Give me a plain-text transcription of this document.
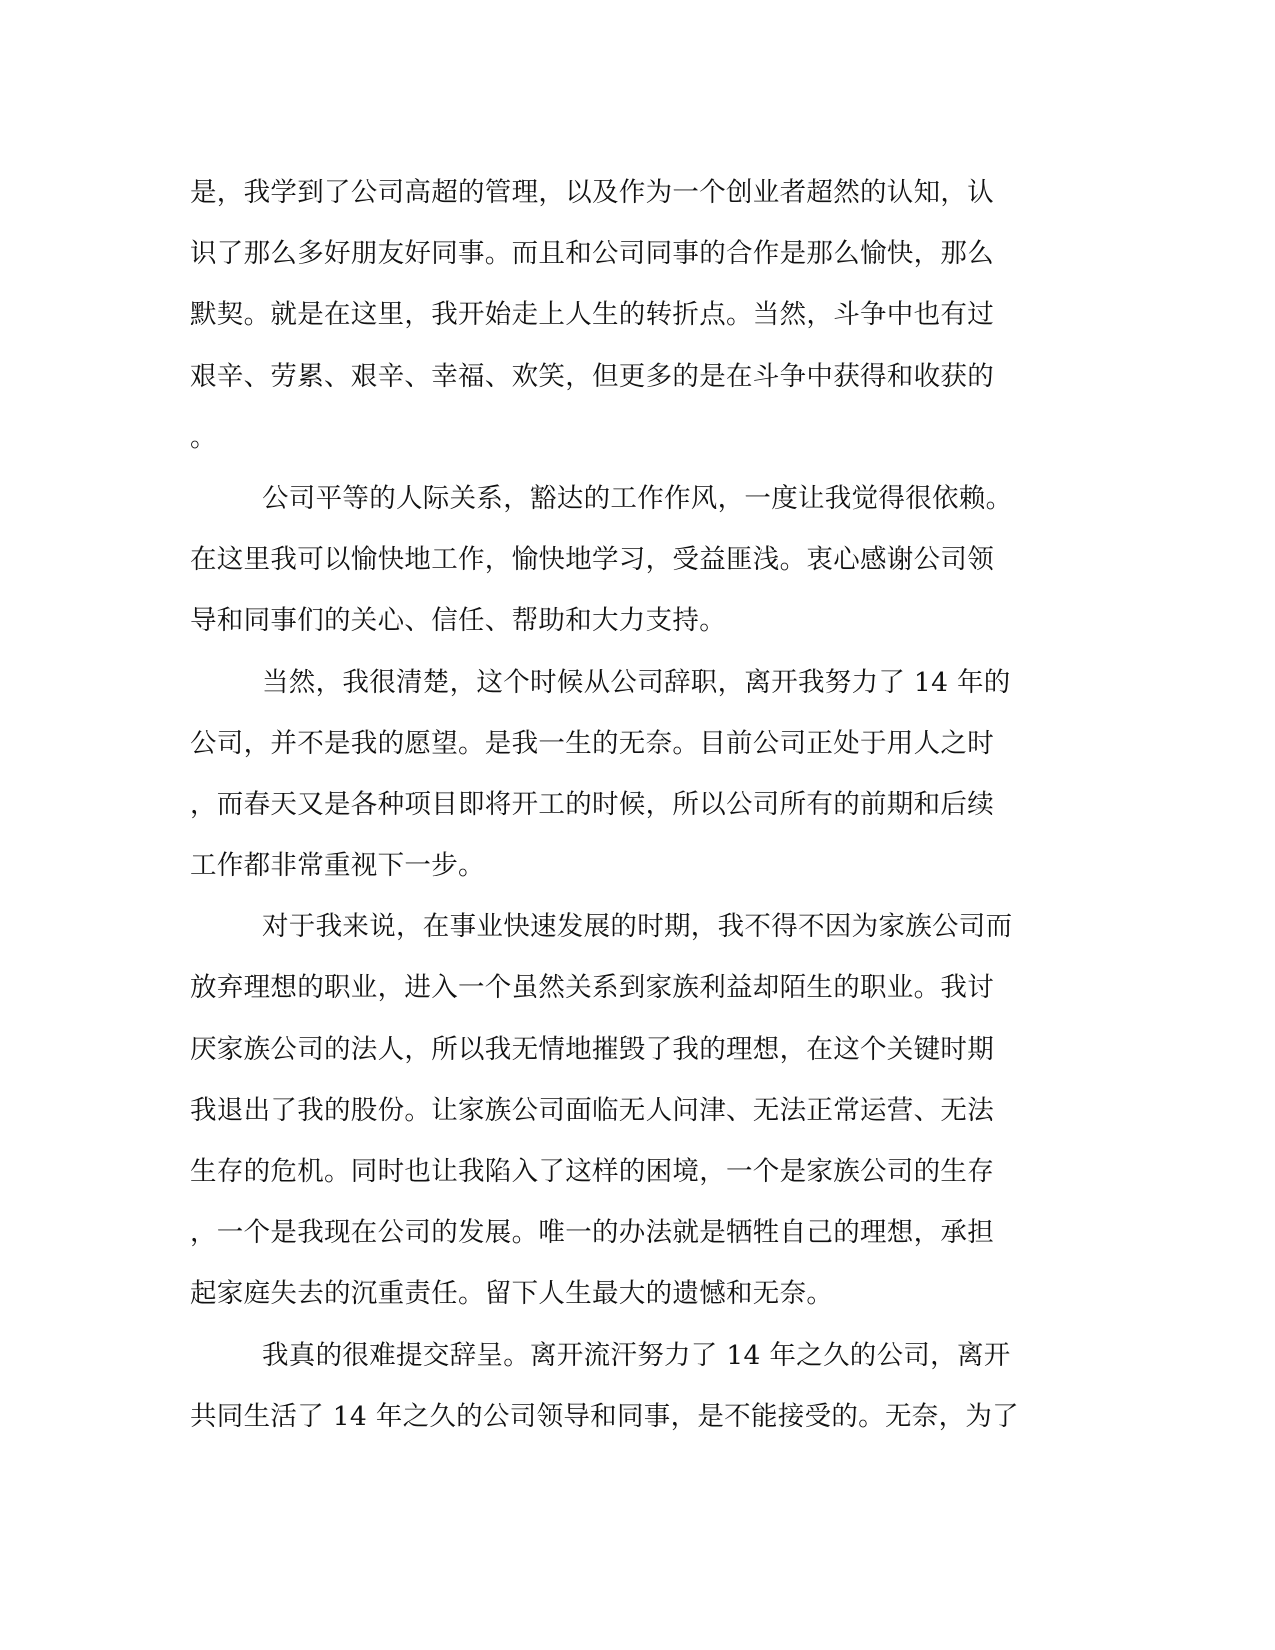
是，我学到了公司高超的管理，以及作为一个创业者超然的认知，认
识了那么多好朋友好同事。而且和公司同事的合作是那么愉快，那么
默契。就是在这里，我开始走上人生的转折点。当然，斗争中也有过
艰辛、劳累、艰辛、幸福、欢笑，但更多的是在斗争中获得和收获的
。
公司平等的人际关系，豁达的工作作风，一度让我觉得很依赖。
在这里我可以愉快地工作，愉快地学习，受益匪浅。衷心感谢公司领
导和同事们的关心、信任、帮助和大力支持。
当然，我很清楚，这个时候从公司辞职，离开我努力了 14 年的
公司，并不是我的愿望。是我一生的无奈。目前公司正处于用人之时
，而春天又是各种项目即将开工的时候，所以公司所有的前期和后续
工作都非常重视下一步。
对于我来说，在事业快速发展的时期，我不得不因为家族公司而
放弃理想的职业，进入一个虽然关系到家族利益却陌生的职业。我讨
厌家族公司的法人，所以我无情地摧毁了我的理想，在这个关键时期
我退出了我的股份。让家族公司面临无人问津、无法正常运营、无法
生存的危机。同时也让我陷入了这样的困境，一个是家族公司的生存
，一个是我现在公司的发展。唯一的办法就是牺牲自己的理想，承担
起家庭失去的沉重责任。留下人生最大的遗憾和无奈。
我真的很难提交辞呈。离开流汗努力了 14 年之久的公司，离开
共同生活了 14 年之久的公司领导和同事，是不能接受的。无奈，为了
